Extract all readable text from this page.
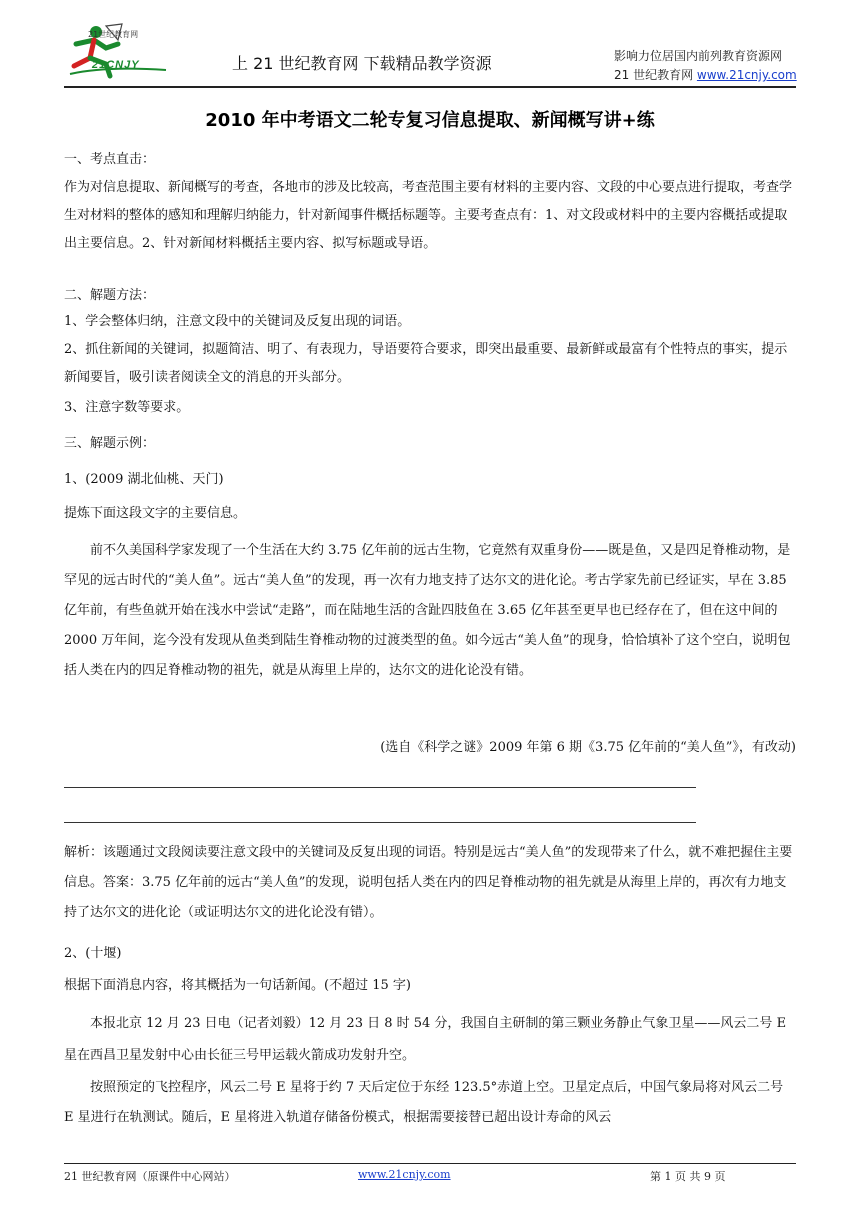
21世纪教育网
21CNJY	上 21 世纪教育网 下载精品教学资源	影响力位居国内前列教育资源网
21 世纪教育网 www.21cnjy.com
2010 年中考语文二轮专复习信息提取、新闻概写讲+练
一、考点直击：
作为对信息提取、新闻概写的考查，各地市的涉及比较高，考查范围主要有材料的主要内容、文段的中心要点进行提取，考查学生对材料的整体的感知和理解归纳能力，针对新闻事件概括标题等。主要考查点有：1、对文段或材料中的主要内容概括或提取出主要信息。2、针对新闻材料概括主要内容、拟写标题或导语。
二、解题方法：
1、学会整体归纳，注意文段中的关键词及反复出现的词语。
2、抓住新闻的关键词，拟题简洁、明了、有表现力，导语要符合要求，即突出最重要、最新鲜或最富有个性特点的事实，提示新闻要旨，吸引读者阅读全文的消息的开头部分。
3、注意字数等要求。
三、解题示例：
1、(2009 湖北仙桃、天门)
提炼下面这段文字的主要信息。
前不久美国科学家发现了一个生活在大约 3.75 亿年前的远古生物，它竟然有双重身份——既是鱼，又是四足脊椎动物，是罕见的远古时代的“美人鱼”。远古“美人鱼”的发现，再一次有力地支持了达尔文的进化论。考古学家先前已经证实，早在 3.85 亿年前，有些鱼就开始在浅水中尝试“走路”，而在陆地生活的含趾四肢鱼在 3.65 亿年甚至更早也已经存在了，但在这中间的 2000 万年间，迄今没有发现从鱼类到陆生脊椎动物的过渡类型的鱼。如今远古“美人鱼”的现身，恰恰填补了这个空白，说明包括人类在内的四足脊椎动物的祖先，就是从海里上岸的，达尔文的进化论没有错。
(选自《科学之谜》2009 年第 6 期《3.75 亿年前的“美人鱼”》，有改动)
解析：该题通过文段阅读要注意文段中的关键词及反复出现的词语。特别是远古“美人鱼”的发现带来了什么，就不难把握住主要信息。答案：3.75 亿年前的远古“美人鱼”的发现，说明包括人类在内的四足脊椎动物的祖先就是从海里上岸的，再次有力地支持了达尔文的进化论（或证明达尔文的进化论没有错）。
2、(十堰)
根据下面消息内容，将其概括为一句话新闻。(不超过 15 字)
本报北京 12 月 23 日电（记者刘毅）12 月 23 日 8 时 54 分，我国自主研制的第三颗业务静止气象卫星——风云二号 E 星在西昌卫星发射中心由长征三号甲运载火箭成功发射升空。
按照预定的飞控程序，风云二号 E 星将于约 7 天后定位于东经 123.5°赤道上空。卫星定点后，中国气象局将对风云二号 E 星进行在轨测试。随后，E 星将进入轨道存储备份模式，根据需要接替已超出设计寿命的风云
21 世纪教育网（原课件中心网站）	www.21cnjy.com	第 1 页 共 9 页
